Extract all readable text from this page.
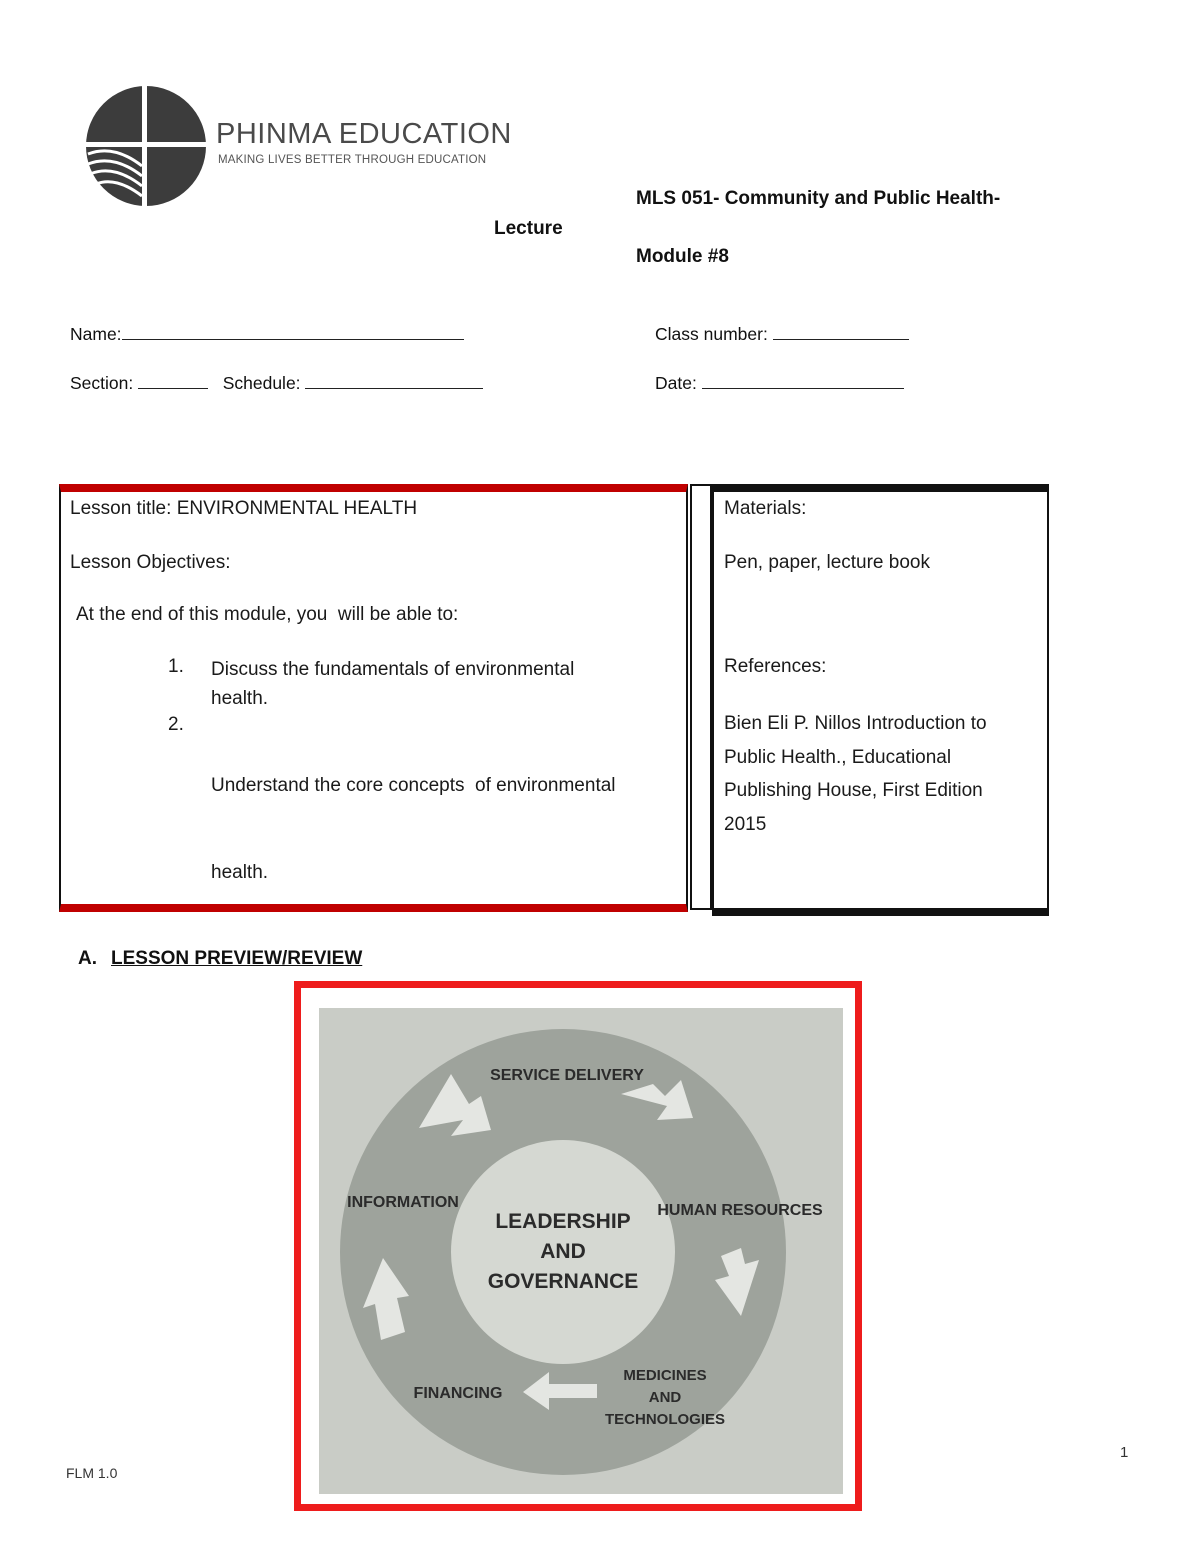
PHINMA EDUCATION
MAKING LIVES BETTER THROUGH EDUCATION
MLS 051- Community and Public Health-
Lecture
Module #8
Name:	Class number:
Section:	Schedule:	Date:
Lesson title: ENVIRONMENTAL HEALTH
Lesson Objectives:
At the end of this module, you  will be able to:
1. Discuss the fundamentals of environmental
health.
2.

Understand the core concepts  of environmental

health.

Materials:
Pen, paper, lecture book
References:
Bien Eli P. Nillos Introduction to
Public Health., Educational
Publishing House, First Edition
2015
A. LESSON PREVIEW/REVIEW
LEADERSHIP
AND
GOVERNANCE
SERVICE DELIVERY
HUMAN RESOURCES
INFORMATION
FINANCING
MEDICINES
AND
TECHNOLOGIES
FLM 1.0
1
